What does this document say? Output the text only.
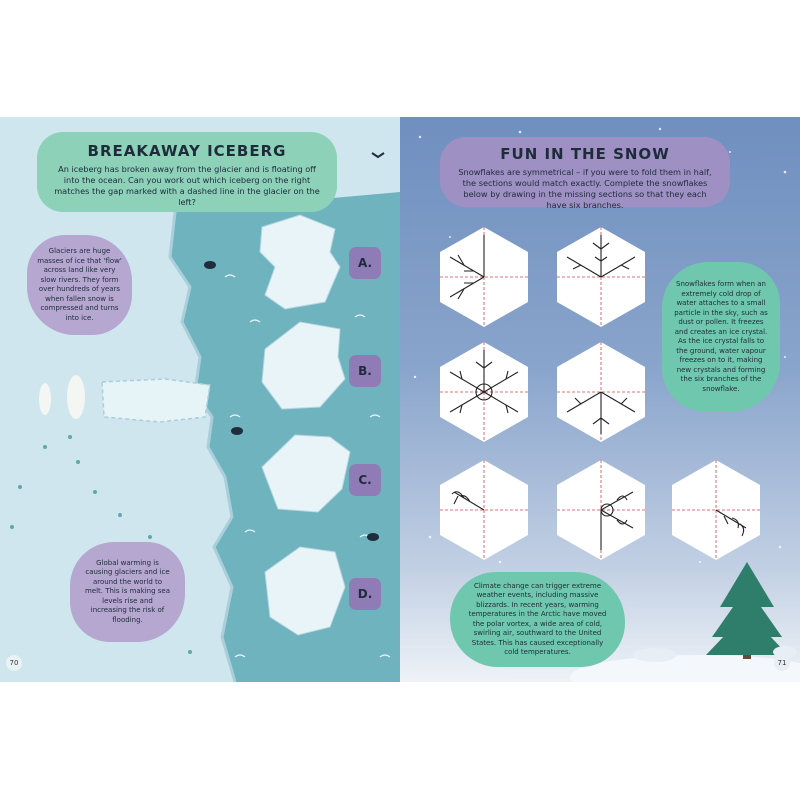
BREAKAWAY ICEBERG
An iceberg has broken away from the glacier and is floating off into the ocean. Can you work out which iceberg on the right matches the gap marked with a dashed line in the glacier on the left?
Glaciers are huge masses of ice that 'flow' across land like very slow rivers. They form over hundreds of years when fallen snow is compressed and turns into ice.
Global warming is causing glaciers and ice around the world to melt. This is making sea levels rise and increasing the risk of flooding.
A.
B.
C.
D.
70
FUN IN THE SNOW
Snowflakes are symmetrical – if you were to fold them in half, the sections would match exactly. Complete the snowflakes below by drawing in the missing sections so that they each have six branches.
Snowflakes form when an extremely cold drop of water attaches to a small particle in the sky, such as dust or pollen. It freezes and creates an ice crystal. As the ice crystal falls to the ground, water vapour freezes on to it, making new crystals and forming the six branches of the snowflake.
Climate change can trigger extreme weather events, including massive blizzards. In recent years, warming temperatures in the Arctic have moved the polar vortex, a wide area of cold, swirling air, southward to the United States. This has caused exceptionally cold temperatures.
71
